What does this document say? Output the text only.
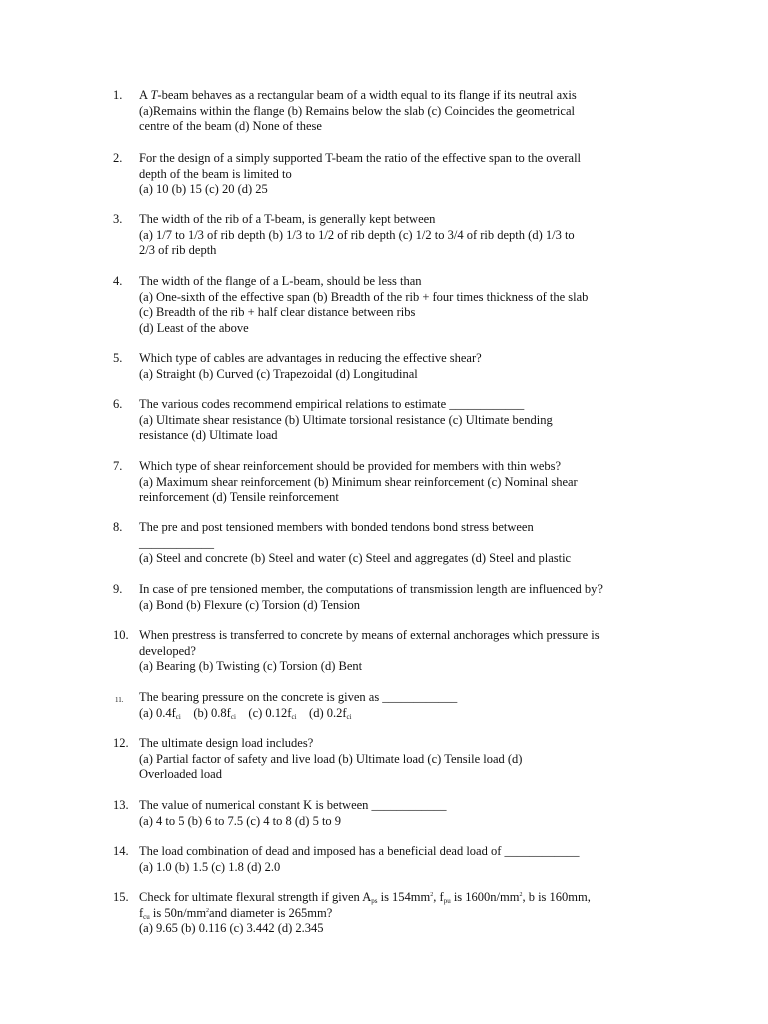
1. A T-beam behaves as a rectangular beam of a width equal to its flange if its neutral axis
(a)Remains within the flange (b) Remains below the slab (c) Coincides the geometrical
centre of the beam (d) None of these
2. For the design of a simply supported T-beam the ratio of the effective span to the overall
depth of the beam is limited to
(a) 10 (b) 15 (c) 20 (d) 25
3. The width of the rib of a T-beam, is generally kept between
(a) 1/7 to 1/3 of rib depth (b) 1/3 to 1/2 of rib depth (c) 1/2 to 3/4 of rib depth (d) 1/3 to
2/3 of rib depth
4. The width of the flange of a L-beam, should be less than
(a) One-sixth of the effective span (b) Breadth of the rib + four times thickness of the slab
(c) Breadth of the rib + half clear distance between ribs
(d) Least of the above
5. Which type of cables are advantages in reducing the effective shear?
(a) Straight (b) Curved (c) Trapezoidal (d) Longitudinal
6. The various codes recommend empirical relations to estimate ____________
(a) Ultimate shear resistance (b) Ultimate torsional resistance (c) Ultimate bending
resistance (d) Ultimate load
7. Which type of shear reinforcement should be provided for members with thin webs?
(a) Maximum shear reinforcement (b) Minimum shear reinforcement (c) Nominal shear
reinforcement (d) Tensile reinforcement
8. The pre and post tensioned members with bonded tendons bond stress between
____________
(a) Steel and concrete (b) Steel and water (c) Steel and aggregates (d) Steel and plastic
9. In case of pre tensioned member, the computations of transmission length are influenced by?
(a) Bond (b) Flexure (c) Torsion (d) Tension
10. When prestress is transferred to concrete by means of external anchorages which pressure is
developed?
(a) Bearing (b) Twisting (c) Torsion (d) Bent
11. The bearing pressure on the concrete is given as ____________
(a) $0.4f_{ci}$ (b) $0.8f_{ci}$ (c) $0.12f_{ci}$ (d) $0.2f_{ci}$
12. The ultimate design load includes?
(a) Partial factor of safety and live load (b) Ultimate load (c) Tensile load (d)
Overloaded load
13. The value of numerical constant K is between ____________
(a) 4 to 5 (b) 6 to 7.5 (c) 4 to 8 (d) 5 to 9
14. The load combination of dead and imposed has a beneficial dead load of ____________
(a) 1.0 (b) 1.5 (c) 1.8 (d) 2.0
15. Check for ultimate flexural strength if given $A_{ps}$ is $154mm^2$, $f_{pu}$ is $1600n/mm^2$, b is 160mm,
$f_{cu}$ is $50n/mm^2and$ diameter is 265mm?
(a) 9.65 (b) 0.116 (c) 3.442 (d) 2.345
